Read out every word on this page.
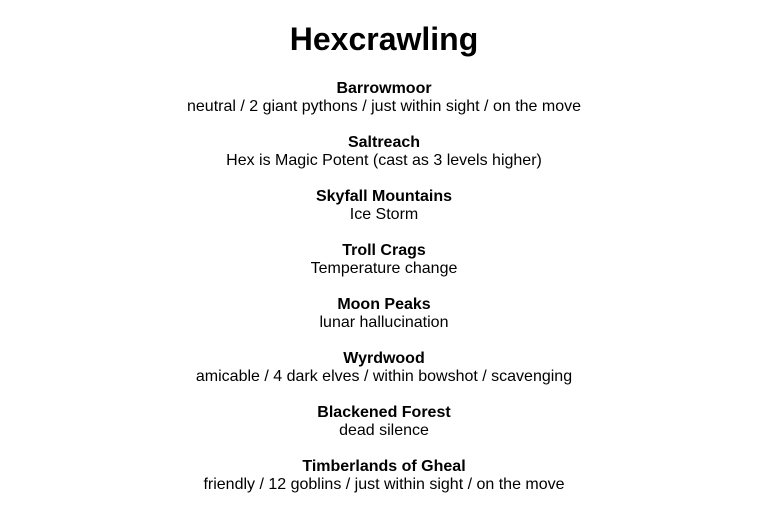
Hexcrawling
Barrowmoor
neutral / 2 giant pythons / just within sight / on the move
Saltreach
Hex is Magic Potent (cast as 3 levels higher)
Skyfall Mountains
Ice Storm
Troll Crags
Temperature change
Moon Peaks
lunar hallucination
Wyrdwood
amicable / 4 dark elves / within bowshot / scavenging
Blackened Forest
dead silence
Timberlands of Gheal
friendly / 12 goblins / just within sight / on the move
